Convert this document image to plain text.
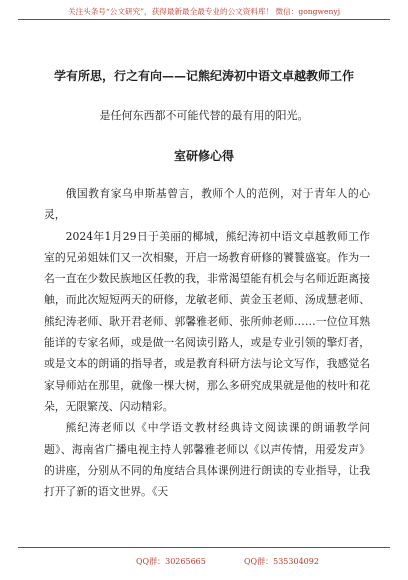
关注头条号“公文研究”，获得最新最全最专业的公文资料库！ 微信：gongwenyj
学有所思，行之有向——记熊纪涛初中语文卓越教师工作
是任何东西都不可能代替的最有用的阳光。
室研修心得

俄国教育家乌申斯基曾言，教师个人的范例，对于青年人的心灵，

2024年1月29日于美丽的椰城，熊纪涛初中语文卓越教师工作室的兄弟姐妹们又一次相聚，开启一场教育研修的饕餮盛宴。作为一名一直在少数民族地区任教的我，非常渴望能有机会与名师近距离接触，而此次短短两天的研修，龙敏老师、黄金玉老师、汤成慧老师、熊纪涛老师、耿开君老师、郭馨雅老师、张所帅老师……一位位耳熟能详的专家名师，或是做一名阅读引路人，或是专业引领的擎灯者，或是文本的朗诵的指导者，或是教育科研方法与论文写作，我感觉名家导师站在那里，就像一棵大树，那么多研究成果就是他的枝叶和花朵，无限繁茂、闪动精彩。

熊纪涛老师以《中学语文教材经典诗文阅读课的朗诵教学问题》、海南省广播电视主持人郭馨雅老师以《以声传情，用爱发声》的讲座，分别从不同的角度结合具体课例进行朗读的专业指导，让我打开了新的语文世界。《天

QQ群：30265665	QQ群：535304092
